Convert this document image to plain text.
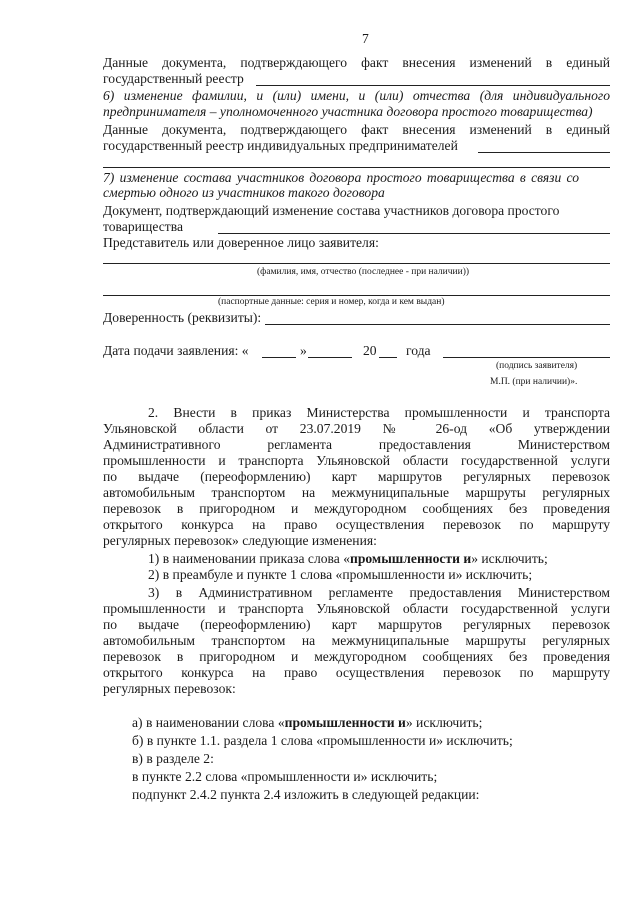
7
Данные документа, подтверждающего факт внесения изменений в единый
государственный реестр
6) изменение фамилии, и (или) имени, и (или) отчества (для индивидуального
предпринимателя – уполномоченного участника договора простого товарищества)
Данные документа, подтверждающего факт внесения изменений в единый
государственный реестр индивидуальных предпринимателей
7) изменение состава участников договора простого товарищества в связи со
смертью одного из участников такого договора
Документ, подтверждающий изменение состава участников договора простого
товарищества
Представитель или доверенное лицо заявителя:
(фамилия, имя, отчество (последнее - при наличии))
(паспортные данные: серия и номер, когда и кем выдан)
Доверенность (реквизиты):
Дата подачи заявления: «	»	20 года
(подпись заявителя)
М.П. (при наличии)».
2. Внести в приказ Министерства промышленности и транспорта
Ульяновской области от 23.07.2019 № 26-од «Об утверждении
Административного регламента предоставления Министерством
промышленности и транспорта Ульяновской области государственной услуги
по выдаче (переоформлению) карт маршрутов регулярных перевозок
автомобильным транспортом на межмуниципальные маршруты регулярных
перевозок в пригородном и междугородном сообщениях без проведения
открытого конкурса на право осуществления перевозок по маршруту
регулярных перевозок» следующие изменения:
1) в наименовании приказа слова «промышленности и» исключить;
2) в преамбуле и пункте 1 слова «промышленности и» исключить;
3) в Административном регламенте предоставления Министерством
промышленности и транспорта Ульяновской области государственной услуги
по выдаче (переоформлению) карт маршрутов регулярных перевозок
автомобильным транспортом на межмуниципальные маршруты регулярных
перевозок в пригородном и междугородном сообщениях без проведения
открытого конкурса на право осуществления перевозок по маршруту
регулярных перевозок:
а) в наименовании слова «промышленности и» исключить;
б) в пункте 1.1. раздела 1 слова «промышленности и» исключить;
в) в разделе 2:
в пункте 2.2 слова «промышленности и» исключить;
подпункт 2.4.2 пункта 2.4 изложить в следующей редакции:
